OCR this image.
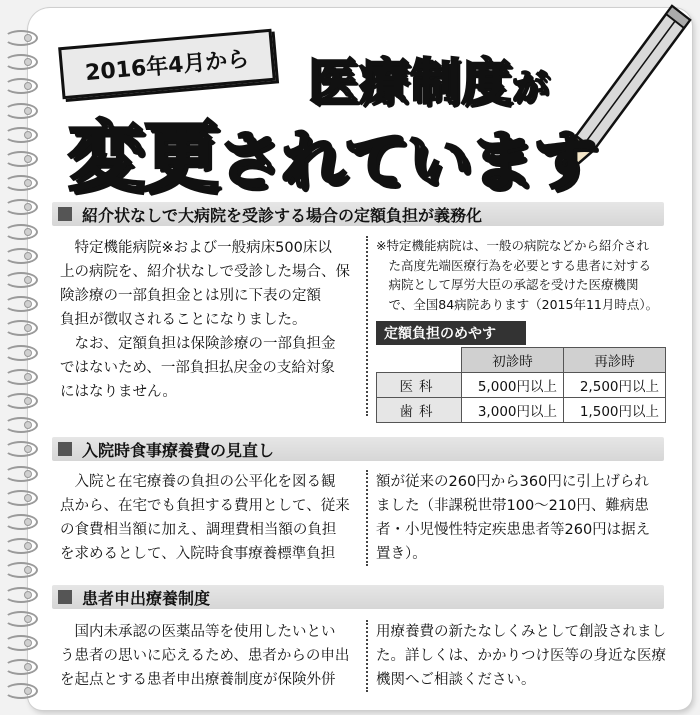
2016年4月から 医療制度が
変更されています
紹介状なしで大病院を受診する場合の定額負担が義務化
　特定機能病院※および一般病床500床以
上の病院を、紹介状なしで受診した場合、保
険診療の一部負担金とは別に下表の定額
負担が徴収されることになりました。
　なお、定額負担は保険診療の一部負担金
ではないため、一部負担払戻金の支給対象
にはなりません。
※特定機能病院は、一般の病院などから紹介され
　た高度先端医療行為を必要とする患者に対する
　病院として厚労大臣の承認を受けた医療機関
　で、全国84病院あります（2015年11月時点）。
定額負担のめやす
	初診時	再診時
医科	5,000円以上	2,500円以上
歯科	3,000円以上	1,500円以上
入院時食事療養費の見直し
　入院と在宅療養の負担の公平化を図る観
点から、在宅でも負担する費用として、従来
の食費相当額に加え、調理費相当額の負担
を求めるとして、入院時食事療養標準負担
額が従来の260円から360円に引上げられ
ました（非課税世帯100～210円、難病患
者・小児慢性特定疾患患者等260円は据え
置き）。
患者申出療養制度
　国内未承認の医薬品等を使用したいとい
う患者の思いに応えるため、患者からの申出
を起点とする患者申出療養制度が保険外併
用療養費の新たなしくみとして創設されまし
た。詳しくは、かかりつけ医等の身近な医療
機関へご相談ください。
